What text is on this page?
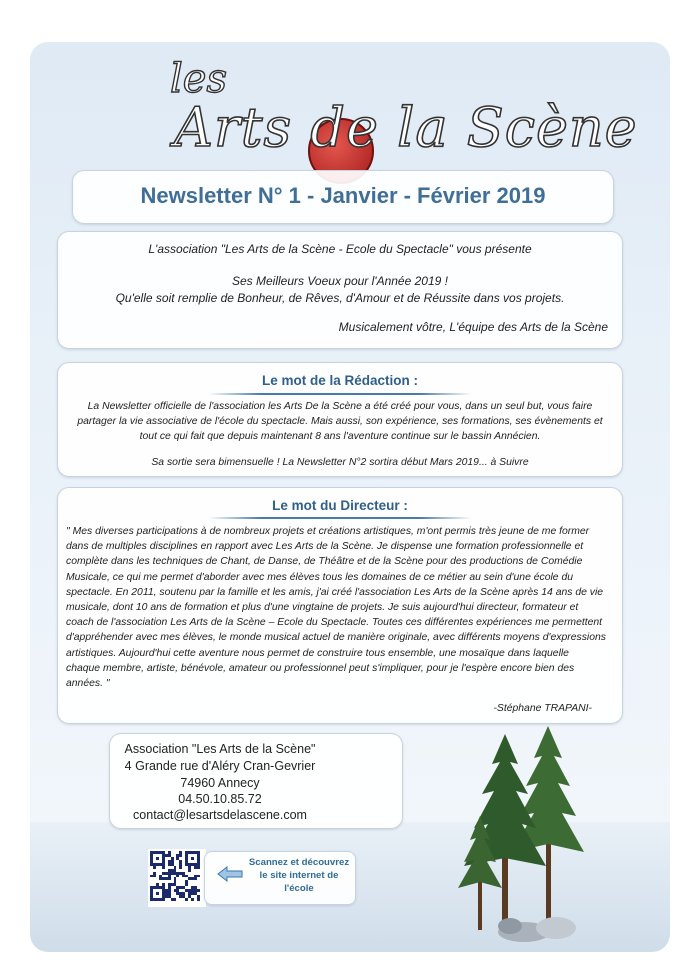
les
Arts de la Scène
Newsletter N° 1 - Janvier - Février 2019

L'association "Les Arts de la Scène - Ecole du Spectacle" vous présente

Ses Meilleurs Voeux pour l'Année 2019 !

Qu'elle soit remplie de Bonheur, de Rêves, d'Amour et de Réussite dans vos projets.

Musicalement vôtre, L'équipe des Arts de la Scène

Le mot de la Rédaction :
La Newsletter officielle de l'association les Arts De la Scène a été créé pour vous, dans un seul but, vous faire
partager la vie associative de l'école du spectacle. Mais aussi, son expérience, ses formations, ses évènements et
tout ce qui fait que depuis maintenant 8 ans l'aventure continue sur le bassin Annécien.
Sa sortie sera bimensuelle ! La Newsletter N°2 sortira début Mars 2019... à Suivre
Le mot du Directeur :
" Mes diverses participations à de nombreux projets et créations artistiques, m'ont permis très jeune de me former
dans de multiples disciplines en rapport avec Les Arts de la Scène. Je dispense une formation professionnelle et
complète dans les techniques de Chant, de Danse, de Théâtre et de la Scène pour des productions de Comédie
Musicale, ce qui me permet d'aborder avec mes élèves tous les domaines de ce métier au sein d'une école du
spectacle. En 2011, soutenu par la famille et les amis, j'ai créé l'association Les Arts de la Scène après 14 ans de vie
musicale, dont 10 ans de formation et plus d'une vingtaine de projets. Je suis aujourd'hui directeur, formateur et
coach de l'association Les Arts de la Scène – Ecole du Spectacle. Toutes ces différentes expériences me permettent
d'appréhender avec mes élèves, le monde musical actuel de manière originale, avec différents moyens d'expressions
artistiques. Aujourd'hui cette aventure nous permet de construire tous ensemble, une mosaïque dans laquelle
chaque membre, artiste, bénévole, amateur ou professionnel peut s'impliquer, pour je l'espère encore bien des
années. "
-Stéphane TRAPANI-
Association "Les Arts de la Scène"
4 Grande rue d'Aléry Cran-Gevrier
74960 Annecy
04.50.10.85.72
contact@lesartsdelascene.com
Scannez et découvrez
le site internet de
l'école
